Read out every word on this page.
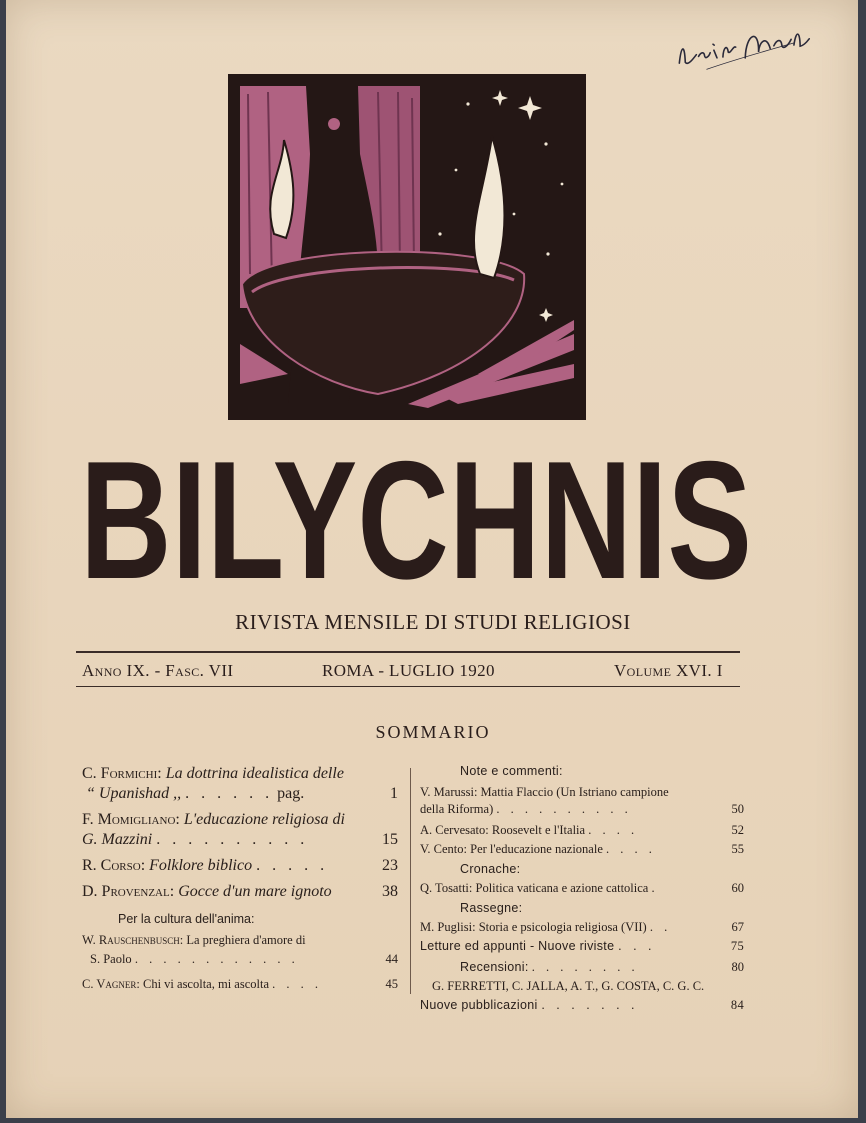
BILYCHNIS
RIVISTA MENSILE DI STUDI RELIGIOSI
Anno IX. - Fasc. VII	ROMA - LUGLIO 1920	Volume XVI. I
SOMMARIO
C. Formichi: La dottrina idealistica delle
“ Upanishad ,, . . . . . . pag.	1
F. Momigliano: L'educazione religiosa di
G. Mazzini . . . . . . . . . .	15
R. Corso: Folklore biblico . . . . .	23
D. Provenzal: Gocce d'un mare ignoto	38
Per la cultura dell'anima:
W. Rauschenbusch: La preghiera d'amore di
S. Paolo . . . . . . . . . . . .	44
C. Vagner: Chi vi ascolta, mi ascolta . . . .	45
Note e commenti:
V. Marussi: Mattia Flaccio (Un Istriano campione
della Riforma) . . . . . . . . . .	50
A. Cervesato: Roosevelt e l'Italia . . . .	52
V. Cento: Per l'educazione nazionale . . . .	55
Cronache:
Q. Tosatti: Politica vaticana e azione cattolica .	60
Rassegne:
M. Puglisi: Storia e psicologia religiosa (VII) . .	67
Letture ed appunti - Nuove riviste . . .	75
Recensioni: . . . . . . . .	80
G. FERRETTI, C. JALLA, A. T., G. COSTA, C. G. C.
Nuove pubblicazioni . . . . . . .	84
